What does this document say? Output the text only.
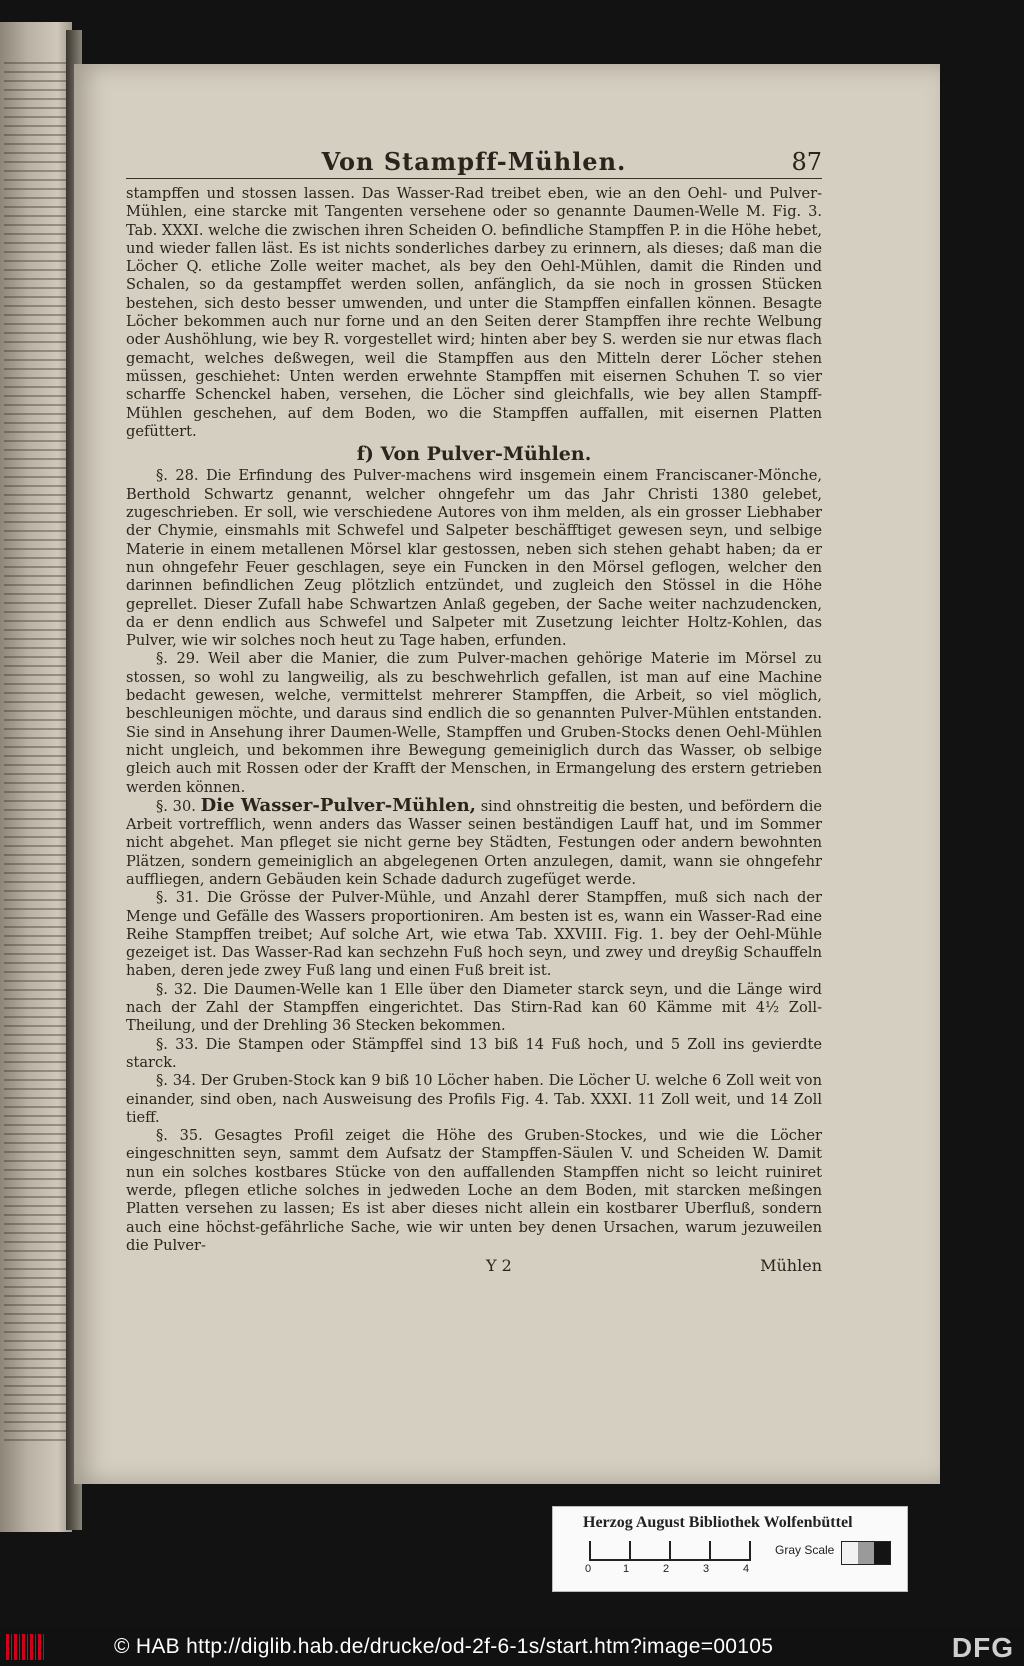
Von Stampff-Mühlen.	87

stampffen und stossen lassen. Das Wasser-Rad treibet eben, wie an den Oehl- und Pulver-Mühlen, eine starcke mit Tangenten versehene oder so genannte Daumen-Welle M. Fig. 3. Tab. XXXI. welche die zwischen ihren Scheiden O. befindliche Stampffen P. in die Höhe hebet, und wieder fallen läst. Es ist nichts sonderliches darbey zu erinnern, als dieses; daß man die Löcher Q. etliche Zolle weiter machet, als bey den Oehl-Mühlen, damit die Rinden und Schalen, so da gestampffet werden sollen, anfänglich, da sie noch in grossen Stücken bestehen, sich desto besser umwenden, und unter die Stampffen einfallen können. Besagte Löcher bekommen auch nur forne und an den Seiten derer Stampffen ihre rechte Welbung oder Aushöhlung, wie bey R. vorgestellet wird; hinten aber bey S. werden sie nur etwas flach gemacht, welches deßwegen, weil die Stampffen aus den Mitteln derer Löcher stehen müssen, geschiehet: Unten werden erwehnte Stampffen mit eisernen Schuhen T. so vier scharffe Schenckel haben, versehen, die Löcher sind gleichfalls, wie bey allen Stampff-Mühlen geschehen, auf dem Boden, wo die Stampffen auffallen, mit eisernen Platten gefüttert.

f) Von Pulver-Mühlen.

§. 28. Die Erfindung des Pulver-machens wird insgemein einem Franciscaner-Mönche, Berthold Schwartz genannt, welcher ohngefehr um das Jahr Christi 1380 gelebet, zugeschrieben. Er soll, wie verschiedene Autores von ihm melden, als ein grosser Liebhaber der Chymie, einsmahls mit Schwefel und Salpeter beschäfftiget gewesen seyn, und selbige Materie in einem metallenen Mörsel klar gestossen, neben sich stehen gehabt haben; da er nun ohngefehr Feuer geschlagen, seye ein Funcken in den Mörsel geflogen, welcher den darinnen befindlichen Zeug plötzlich entzündet, und zugleich den Stössel in die Höhe geprellet. Dieser Zufall habe Schwartzen Anlaß gegeben, der Sache weiter nachzudencken, da er denn endlich aus Schwefel und Salpeter mit Zusetzung leichter Holtz-Kohlen, das Pulver, wie wir solches noch heut zu Tage haben, erfunden.

§. 29. Weil aber die Manier, die zum Pulver-machen gehörige Materie im Mörsel zu stossen, so wohl zu langweilig, als zu beschwehrlich gefallen, ist man auf eine Machine bedacht gewesen, welche, vermittelst mehrerer Stampffen, die Arbeit, so viel möglich, beschleunigen möchte, und daraus sind endlich die so genannten Pulver-Mühlen entstanden. Sie sind in Ansehung ihrer Daumen-Welle, Stampffen und Gruben-Stocks denen Oehl-Mühlen nicht ungleich, und bekommen ihre Bewegung gemeiniglich durch das Wasser, ob selbige gleich auch mit Rossen oder der Krafft der Menschen, in Ermangelung des erstern getrieben werden können.

§. 30. Die Wasser-Pulver-Mühlen, sind ohnstreitig die besten, und befördern die Arbeit vortrefflich, wenn anders das Wasser seinen beständigen Lauff hat, und im Sommer nicht abgehet. Man pfleget sie nicht gerne bey Städten, Festungen oder andern bewohnten Plätzen, sondern gemeiniglich an abgelegenen Orten anzulegen, damit, wann sie ohngefehr auffliegen, andern Gebäuden kein Schade dadurch zugefüget werde.

§. 31. Die Grösse der Pulver-Mühle, und Anzahl derer Stampffen, muß sich nach der Menge und Gefälle des Wassers proportioniren. Am besten ist es, wann ein Wasser-Rad eine Reihe Stampffen treibet; Auf solche Art, wie etwa Tab. XXVIII. Fig. 1. bey der Oehl-Mühle gezeiget ist. Das Wasser-Rad kan sechzehn Fuß hoch seyn, und zwey und dreyßig Schauffeln haben, deren jede zwey Fuß lang und einen Fuß breit ist.

§. 32. Die Daumen-Welle kan 1 Elle über den Diameter starck seyn, und die Länge wird nach der Zahl der Stampffen eingerichtet. Das Stirn-Rad kan 60 Kämme mit 4½ Zoll-Theilung, und der Drehling 36 Stecken bekommen.

§. 33. Die Stampen oder Stämpffel sind 13 biß 14 Fuß hoch, und 5 Zoll ins gevierdte starck.

§. 34. Der Gruben-Stock kan 9 biß 10 Löcher haben. Die Löcher U. welche 6 Zoll weit von einander, sind oben, nach Ausweisung des Profils Fig. 4. Tab. XXXI. 11 Zoll weit, und 14 Zoll tieff.

§. 35. Gesagtes Profil zeiget die Höhe des Gruben-Stockes, und wie die Löcher eingeschnitten seyn, sammt dem Aufsatz der Stampffen-Säulen V. und Scheiden W. Damit nun ein solches kostbares Stücke von den auffallenden Stampffen nicht so leicht ruiniret werde, pflegen etliche solches in jedweden Loche an dem Boden, mit starcken meßingen Platten versehen zu lassen; Es ist aber dieses nicht allein ein kostbarer Uberfluß, sondern auch eine höchst-gefährliche Sache, wie wir unten bey denen Ursachen, warum jezuweilen die Pulver-

Y 2	Mühlen
Herzog August Bibliothek Wolfenbüttel
0	1	2	3	4
Gray Scale
© HAB http://diglib.hab.de/drucke/od-2f-6-1s/start.htm?image=00105	DFG
